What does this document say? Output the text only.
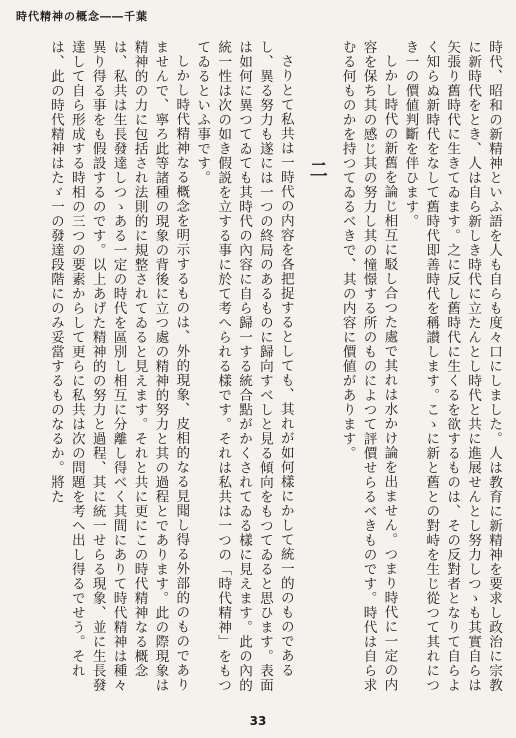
時代精神の概念――千葉

時代、昭和の新精神といふ語を人も自らも度々口にしました。人は教育に新精神を要求し政治に宗教に新時代をとき、人は自ら新しき時代に立たんとし時代と共に進展せんとし努力しつゝも其實自らは矢張り舊時代に生きてゐます。之に反し舊時代に生くるを欲するものは、その反對者となりて自らよく知らぬ新時代をなして舊時代即善時代を稱讃します。こゝに新と舊との對峙を生じ從つて其れにつき一の價値判斷を伴ひます。

しかし時代の新舊を論じ相互に駁し合つた處で其れは水かけ論を出ません。つまり時代に一定の内容を保ち其の感じ其の努力し其の憧憬する所のものによつて評價せらるべきものです。時代は自ら求むる何ものかを持つてゐるべきで、其の内容に價値があります。

二

さりとて私共は一時代の内容を各把捉するとしても、其れが如何樣にかして統一的のものであるし、異る努力も遂には一つの終局のあるものに歸向すべしと見る傾向をもつてゐると思ひます。表面は如何に異つてゐても其時代の內容に自ら歸一する統合點がかくされてゐる樣に見えます。此の內的統一性は次の如き假説を立する事に於て考へられる樣です。それは私共は一つの「時代精神」をもつてゐるといふ事です。

しかし時代精神なる概念を明示するものは、外的現象、皮相的なる見聞し得る外部的のものでありませんで、寧ろ此等諸種の現象の背後に立つ處の精神的努力と其の過程とであります。此の際現象は精神的の力に包括され法則的に規整されてゐると見えます。それと共に更にこの時代精神なる概念は、私共は生長發達しつゝある一定の時代を區別し相互に分離し得べく其間にありて時代精神は種々異り得る事をも假設するのです。以上あげた精神的の努力と過程、其に統一せらる現象、並に生長發達して自ら形成する時相の三つの要素からして更らに私共は次の問題を考へ出し得るでせう。それは、此の時代精神はたゞ一の發達段階にのみ妥當するものなるか。將た

33
